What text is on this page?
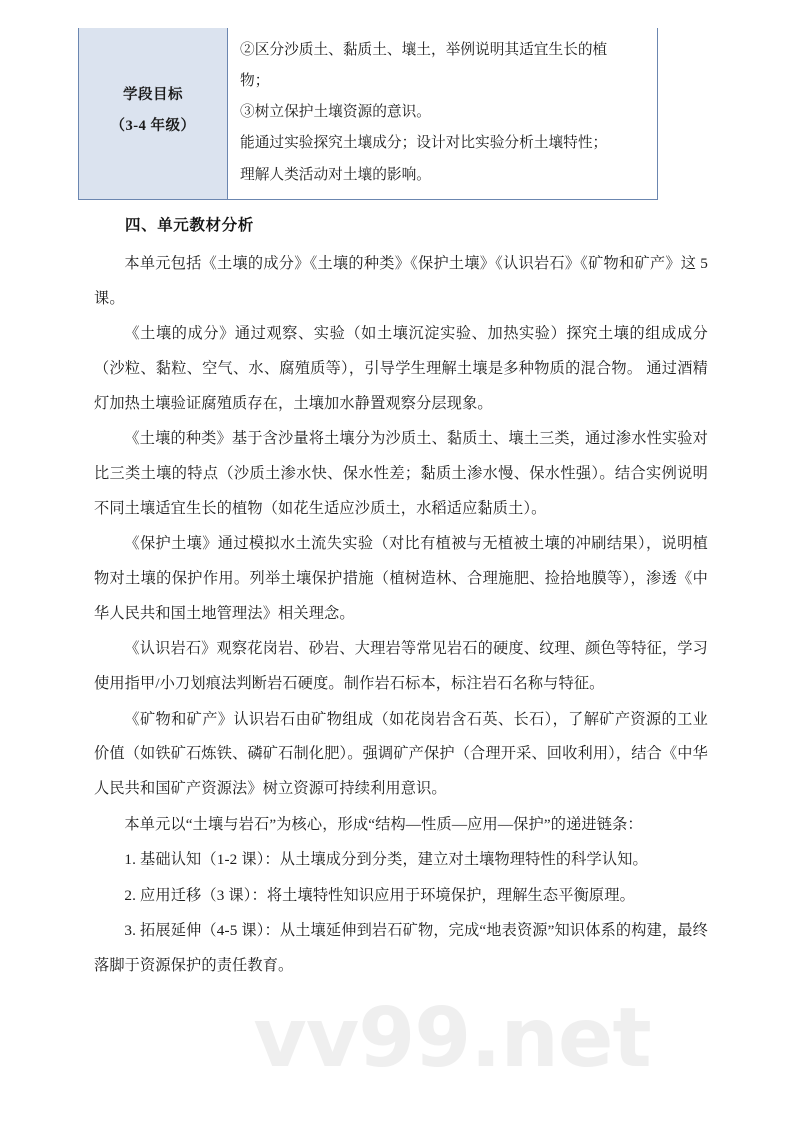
学段目标
（3-4 年级）

②区分沙质土、黏质土、壤土，举例说明其适宜生长的植
物；
③树立保护土壤资源的意识。
能通过实验探究土壤成分；设计对比实验分析土壤特性；
理解人类活动对土壤的影响。
四、单元教材分析

本单元包括《土壤的成分》《土壤的种类》《保护土壤》《认识岩石》《矿物和矿产》这 5 课。

《土壤的成分》通过观察、实验（如土壤沉淀实验、加热实验）探究土壤的组成成分（沙粒、黏粒、空气、水、腐殖质等），引导学生理解土壤是多种物质的混合物。 通过酒精灯加热土壤验证腐殖质存在，土壤加水静置观察分层现象。

《土壤的种类》基于含沙量将土壤分为沙质土、黏质土、壤土三类，通过渗水性实验对比三类土壤的特点（沙质土渗水快、保水性差；黏质土渗水慢、保水性强）。结合实例说明不同土壤适宜生长的植物（如花生适应沙质土，水稻适应黏质土）。

《保护土壤》通过模拟水土流失实验（对比有植被与无植被土壤的冲刷结果），说明植物对土壤的保护作用。列举土壤保护措施（植树造林、合理施肥、捡拾地膜等），渗透《中华人民共和国土地管理法》相关理念。

《认识岩石》观察花岗岩、砂岩、大理岩等常见岩石的硬度、纹理、颜色等特征，学习使用指甲/小刀划痕法判断岩石硬度。制作岩石标本，标注岩石名称与特征。

《矿物和矿产》认识岩石由矿物组成（如花岗岩含石英、长石），了解矿产资源的工业价值（如铁矿石炼铁、磷矿石制化肥）。强调矿产保护（合理开采、回收利用），结合《中华人民共和国矿产资源法》树立资源可持续利用意识。

本单元以“土壤与岩石”为核心，形成“结构—性质—应用—保护”的递进链条：

1. 基础认知（1-2 课）：从土壤成分到分类，建立对土壤物理特性的科学认知。

2. 应用迁移（3 课）：将土壤特性知识应用于环境保护，理解生态平衡原理。

3. 拓展延伸（4-5 课）：从土壤延伸到岩石矿物，完成“地表资源”知识体系的构建，最终落脚于资源保护的责任教育。

vv99.net
